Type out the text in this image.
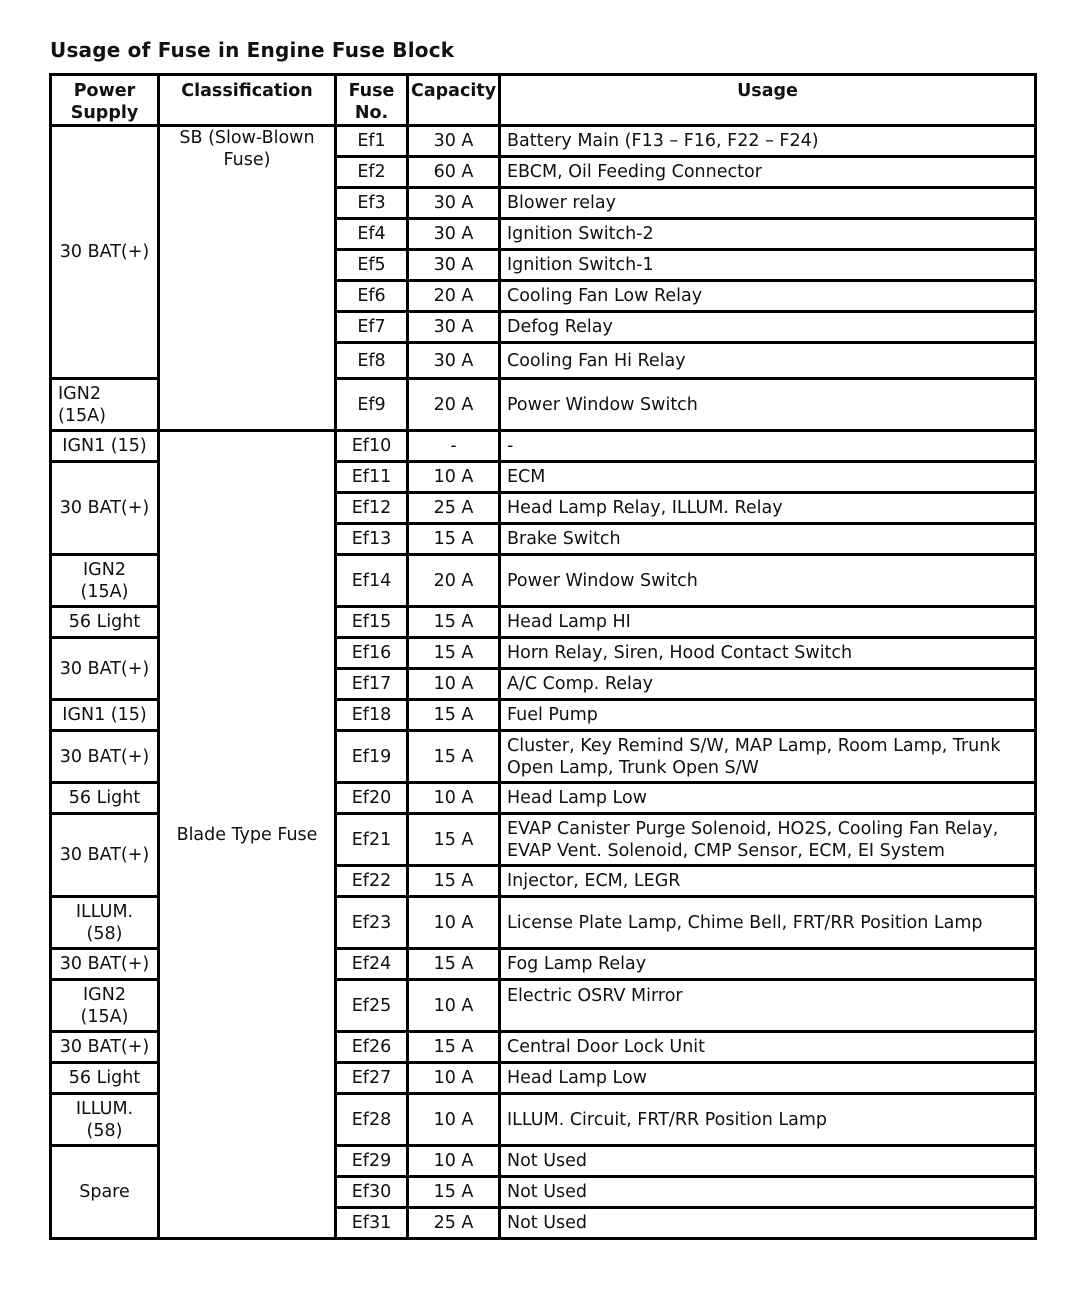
Usage of Fuse in Engine Fuse Block
Power Supply	Classification	Fuse No.	Capacity	Usage
30 BAT(+)	SB (Slow-Blown Fuse)	Ef1	30 A	Battery Main (F13 – F16, F22 – F24)
		Ef2	60 A	EBCM, Oil Feeding Connector
		Ef3	30 A	Blower relay
		Ef4	30 A	Ignition Switch-2
		Ef5	30 A	Ignition Switch-1
		Ef6	20 A	Cooling Fan Low Relay
		Ef7	30 A	Defog Relay
		Ef8	30 A	Cooling Fan Hi Relay
IGN2 (15A)		Ef9	20 A	Power Window Switch
IGN1 (15)	Blade Type Fuse	Ef10	-	-
30 BAT(+)		Ef11	10 A	ECM
		Ef12	25 A	Head Lamp Relay, ILLUM. Relay
		Ef13	15 A	Brake Switch
IGN2 (15A)		Ef14	20 A	Power Window Switch
56 Light		Ef15	15 A	Head Lamp HI
30 BAT(+)		Ef16	15 A	Horn Relay, Siren, Hood Contact Switch
		Ef17	10 A	A/C Comp. Relay
IGN1 (15)		Ef18	15 A	Fuel Pump
30 BAT(+)		Ef19	15 A	Cluster, Key Remind S/W, MAP Lamp, Room Lamp, Trunk Open Lamp, Trunk Open S/W
56 Light		Ef20	10 A	Head Lamp Low
30 BAT(+)		Ef21	15 A	EVAP Canister Purge Solenoid, HO2S, Cooling Fan Relay, EVAP Vent. Solenoid, CMP Sensor, ECM, EI System
		Ef22	15 A	Injector, ECM, LEGR
ILLUM. (58)		Ef23	10 A	License Plate Lamp, Chime Bell, FRT/RR Position Lamp
30 BAT(+)		Ef24	15 A	Fog Lamp Relay
IGN2 (15A)		Ef25	10 A	Electric OSRV Mirror
30 BAT(+)		Ef26	15 A	Central Door Lock Unit
56 Light		Ef27	10 A	Head Lamp Low
ILLUM. (58)		Ef28	10 A	ILLUM. Circuit, FRT/RR Position Lamp
Spare		Ef29	10 A	Not Used
		Ef30	15 A	Not Used
		Ef31	25 A	Not Used
